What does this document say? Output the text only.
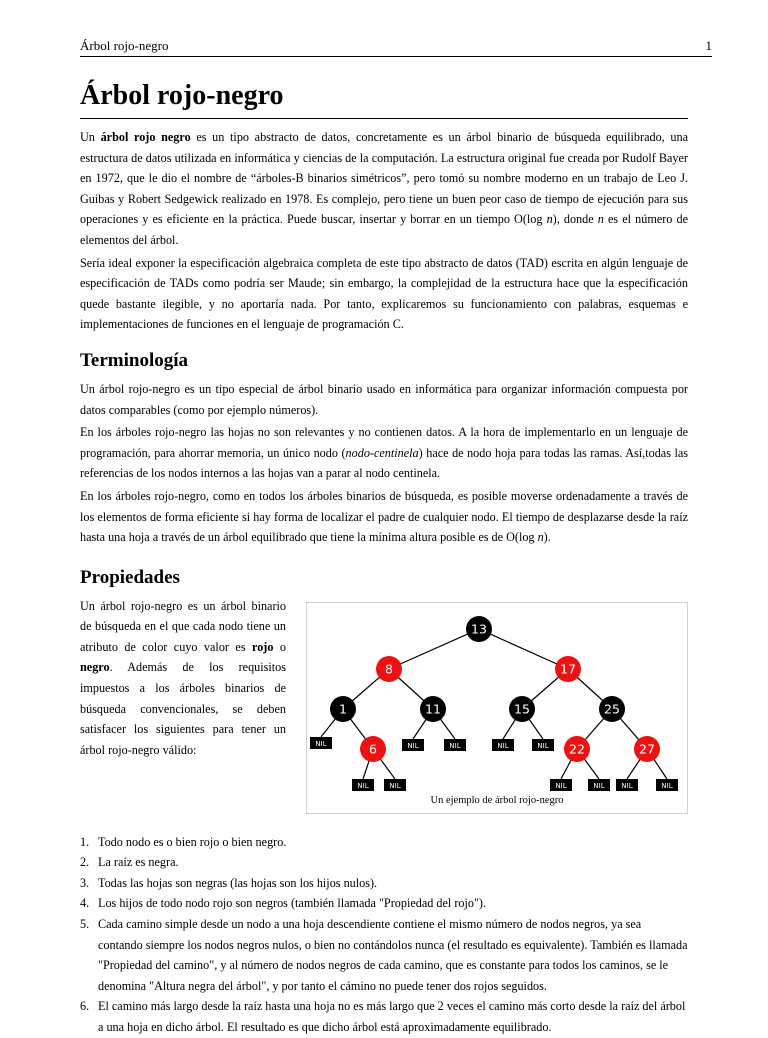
Árbol rojo-negro	1
Árbol rojo-negro

Un árbol rojo negro es un tipo abstracto de datos, concretamente es un árbol binario de búsqueda equilibrado, una estructura de datos utilizada en informática y ciencias de la computación. La estructura original fue creada por Rudolf Bayer en 1972, que le dio el nombre de “árboles-B binarios simétricos”, pero tomó su nombre moderno en un trabajo de Leo J. Guibas y Robert Sedgewick realizado en 1978. Es complejo, pero tiene un buen peor caso de tiempo de ejecución para sus operaciones y es eficiente en la práctica. Puede buscar, insertar y borrar en un tiempo O(log n), donde n es el número de elementos del árbol.

Sería ideal exponer la especificación algebraica completa de este tipo abstracto de datos (TAD) escrita en algún lenguaje de especificación de TADs como podría ser Maude; sin embargo, la complejidad de la estructura hace que la especificación quede bastante ilegible, y no aportaría nada. Por tanto, explicaremos su funcionamiento con palabras, esquemas e implementaciones de funciones en el lenguaje de programación C.

Terminología

Un árbol rojo-negro es un tipo especial de árbol binario usado en informática para organizar información compuesta por datos comparables (como por ejemplo números).

En los árboles rojo-negro las hojas no son relevantes y no contienen datos. A la hora de implementarlo en un lenguaje de programación, para ahorrar memoria, un único nodo (nodo-centinela) hace de nodo hoja para todas las ramas. Así,todas las referencias de los nodos internos a las hojas van a parar al nodo centinela.

En los árboles rojo-negro, como en todos los árboles binarios de búsqueda, es posible moverse ordenadamente a través de los elementos de forma eficiente si hay forma de localizar el padre de cualquier nodo. El tiempo de desplazarse desde la raíz hasta una hoja a través de un árbol equilibrado que tiene la mínima altura posible es de O(log n).

Propiedades

Un árbol rojo-negro es un árbol binario de búsqueda en el que cada nodo tiene un atributo de color cuyo valor es rojo o negro. Además de los requisitos impuestos a los árboles binarios de búsqueda convencionales, se deben satisfacer los siguientes para tener un árbol rojo-negro válido:

13
8	17
1	11	15	25
6	22	27
NIL
NIL	NIL
NIL	NIL	NIL	NIL
NIL	NIL NIL	NIL
Un ejemplo de árbol rojo-negro
1. Todo nodo es o bien rojo o bien negro.
2. La raíz es negra.
3. Todas las hojas son negras (las hojas son los hijos nulos).
4. Los hijos de todo nodo rojo son negros (también llamada "Propiedad del rojo").
5. Cada camino simple desde un nodo a una hoja descendiente contiene el mismo número de nodos negros, ya sea contando siempre los nodos negros nulos, o bien no contándolos nunca (el resultado es equivalente). También es llamada "Propiedad del camino", y al número de nodos negros de cada camino, que es constante para todos los caminos, se le denomina "Altura negra del árbol", y por tanto el cámino no puede tener dos rojos seguidos.
6. El camino más largo desde la raíz hasta una hoja no es más largo que 2 veces el camino más corto desde la raíz del árbol a una hoja en dicho árbol. El resultado es que dicho árbol está aproximadamente equilibrado.
